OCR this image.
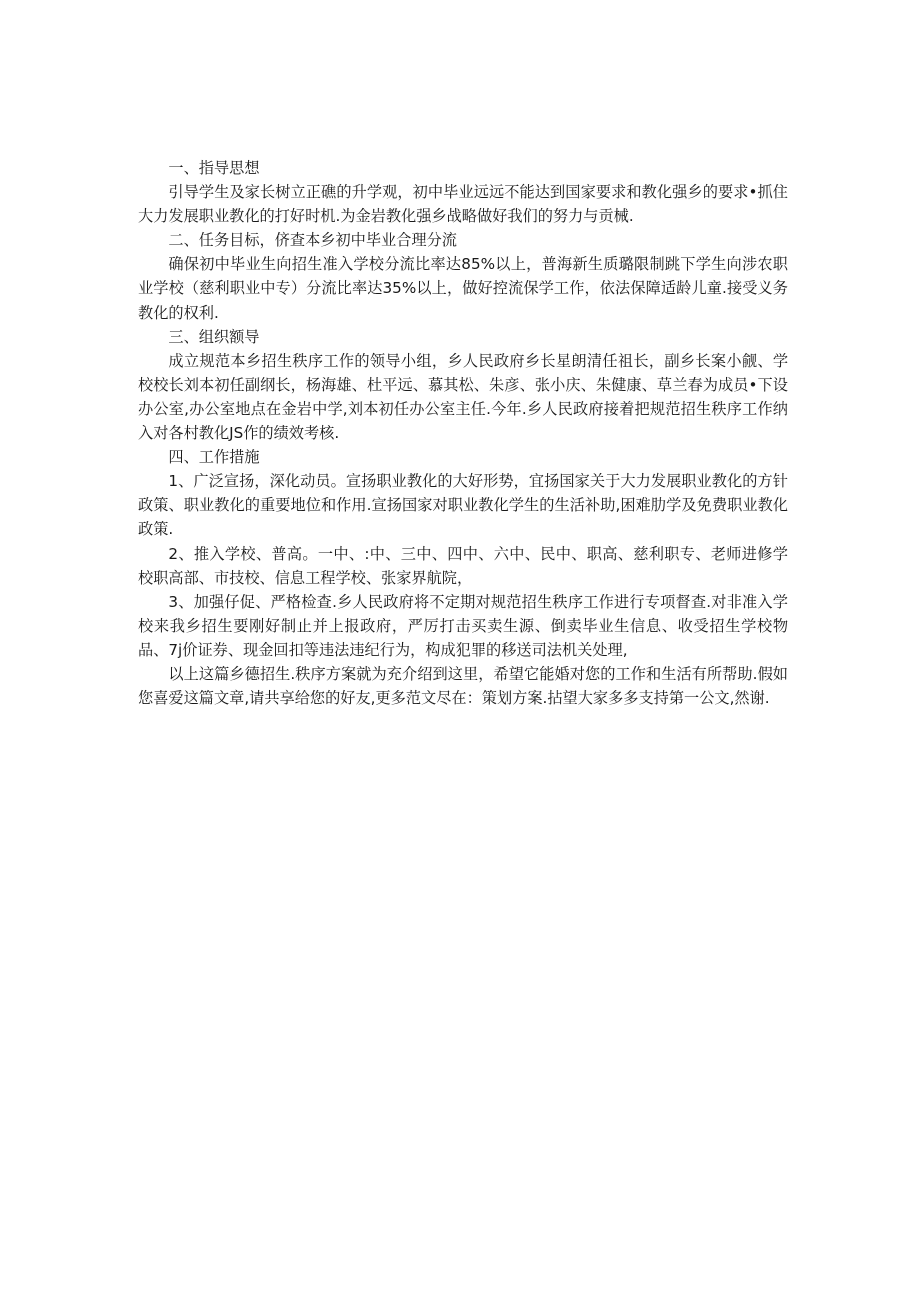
一、指导思想

引导学生及家长树立正礁的升学观，初中毕业远远不能达到国家要求和教化强乡的要求•抓住大力发展职业教化的打好时机.为金岩教化强乡战略做好我们的努力与贡械.

二、任务目标，侪查本乡初中毕业合理分流

确保初中毕业生向招生准入学校分流比率达85%以上，普海新生质璐限制跳下学生向涉农职业学校（慈利职业中专）分流比率达35%以上，做好控流保学工作，依法保障适龄儿童.接受义务教化的权利.

三、组织额导

成立规范本乡招生秩序工作的领导小组，乡人民政府乡长星朗清任祖长，副乡长案小觎、学校校长刘本初任副纲长，杨海雄、杜平远、慕其松、朱彦、张小庆、朱健康、草兰春为成员•下设办公室,办公室地点在金岩中学,刘本初任办公室主任.今年.乡人民政府接着把规范招生秩序工作纳入对各村教化JS作的绩效考核.

四、工作措施

1、广泛宣扬，深化动员。宣扬职业教化的大好形势，宜扬国家关于大力发展职业教化的方针政策、职业教化的重要地位和作用.宣扬国家对职业教化学生的生活补助,困难肋学及免费职业教化政策.

2、推入学校、普高。一中、:中、三中、四中、六中、民中、职高、慈利职专、老师进修学校职高部、市技校、信息工程学校、张家界航院，

3、加强仔促、严格检查.乡人民政府将不定期对规范招生秩序工作进行专项督查.对非准入学校来我乡招生要刚好制止并上报政府，严厉打击买卖生源、倒卖毕业生信息、收受招生学校物品、7j价证券、现金回扣等违法违纪行为，构成犯罪的移送司法机关处理,

以上这篇乡德招生.秩序方案就为充介绍到这里，希望它能婚对您的工作和生活有所帮助.假如您喜爱这篇文章,请共享给您的好友,更多范文尽在：策划方案.拈望大家多多支持第一公文,然谢.
